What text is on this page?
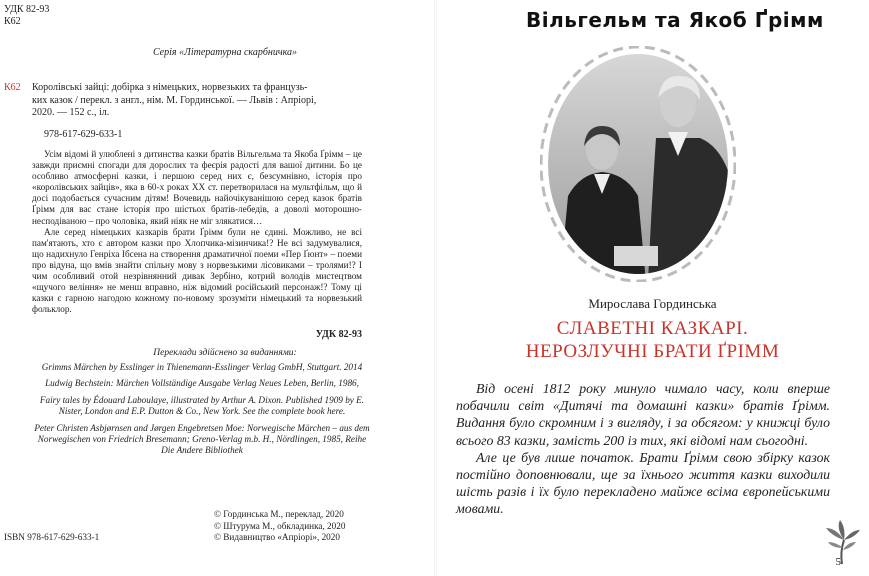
УДК 82-93
К62
Серія «Літературна скарбничка»
К62 Королівські зайці: добірка з німецьких, норвезьких та французь-
ких казок / перекл. з англ., нім. М. Гординської. — Львів : Апріорі,
2020. — 152 с., іл.
978-617-629-633-1

Усім відомі й улюблені з дитинства казки братів Вільгельма та Якоба Ґрімм – це завжди приємні спогади для дорослих та феєрія радості для вашої дитини. Бо це особливо атмосферні казки, і першою серед них є, безсумнівно, історія про «королівських зайців», яка в 60-х роках ХХ ст. перетворилася на мультфільм, що й досі подобається сучасним дітям! Вочевидь найочікуванішою серед казок братів Ґрімм для вас стане історія про шістьох братів-лебедів, а доволі моторошно-несподіваною – про чоловіка, який ніяк не міг злякатися…

Але серед німецьких казкарів брати Ґрімм були не єдині. Можливо, не всі пам'ятають, хто є автором казки про Хлопчика-мізинчика!? Не всі задумувалися, що надихнуло Генріха Ібсена на створення драматичної поеми «Пер Ґюнт» – поеми про відуна, що вмів знайти спільну мову з норвезькими лісовиками – тролями!? І чим особливий отой незрівнянний дивак Зербіно, котрий володів мистецтвом «щучого веління» не менш вправно, ніж відомий російський персонаж!? Тому ці казки є гарною нагодою кожному по-новому зрозуміти німецький та норвезький фольклор.

УДК 82-93
Переклади здійснено за виданнями:
Grimms Märchen by Esslinger in Thienemann-Esslinger Verlag GmbH, Stuttgart. 2014
Ludwig Bechstein: Märchen Vollständige Ausgabe Verlag Neues Leben, Berlin, 1986,
Fairy tales by Édouard Laboulaye, illustrated by Arthur A. Dixon. Published 1909 by E. Nister, London and E.P. Dutton & Co., New York. See the complete book here.
Peter Christen Asbjørnsen and Jørgen Engebretsen Moe: Norwegische Märchen – aus dem Norwegischen von Friedrich Bresemann; Greno-Verlag m.b. H., Nördlingen, 1985, Reihe Die Andere Bibliothek
© Гординська М., переклад, 2020
© Штурума М., обкладинка, 2020
© Видавництво «Апріорі», 2020
ISBN 978-617-629-633-1
Вільгельм та Якоб Ґрімм
Мирослава Гординська
СЛАВЕТНІ КАЗКАРІ.
НЕРОЗЛУЧНІ БРАТИ ҐРІММ

Від осені 1812 року минуло чимало часу, коли вперше побачили світ «Дитячі та домашні казки» братів Ґрімм. Видання було скромним і з вигляду, і за обсягом: у книжці було всього 83 казки, замість 200 із тих, які відомі нам сьогодні.

Але це був лише початок. Брати Ґрімм свою збірку казок постійно доповнювали, ще за їхнього життя казки виходили шість разів і їх було перекладено майже всіма європейськими мовами.

5
